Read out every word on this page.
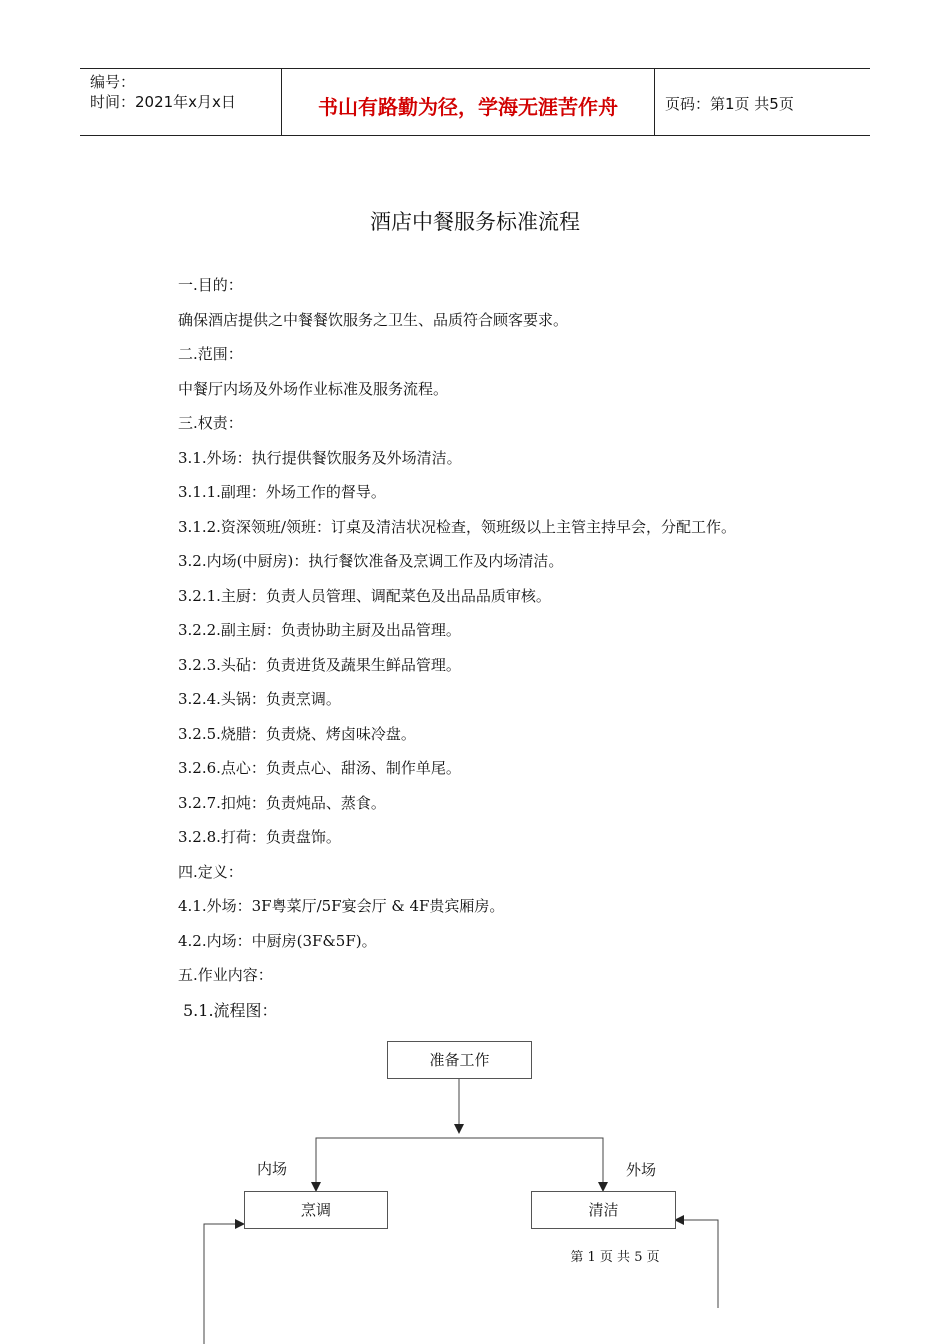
编号：
时间：2021年x月x日	书山有路勤为径，学海无涯苦作舟	页码：第1页 共5页
酒店中餐服务标准流程
一.目的：
确保酒店提供之中餐餐饮服务之卫生、品质符合顾客要求。
二.范围：
中餐厅内场及外场作业标准及服务流程。
三.权责：
3.1.外场：执行提供餐饮服务及外场清洁。
3.1.1.副理：外场工作的督导。
3.1.2.资深领班/领班：订桌及清洁状况检查，领班级以上主管主持早会，分配工作。
3.2.内场(中厨房)：执行餐饮准备及烹调工作及内场清洁。
3.2.1.主厨：负责人员管理、调配菜色及出品品质审核。
3.2.2.副主厨：负责协助主厨及出品管理。
3.2.3.头砧：负责进货及蔬果生鲜品管理。
3.2.4.头锅：负责烹调。
3.2.5.烧腊：负责烧、烤卤味冷盘。
3.2.6.点心：负责点心、甜汤、制作单尾。
3.2.7.扣炖：负责炖品、蒸食。
3.2.8.打荷：负责盘饰。
四.定义：
4.1.外场：3F粤菜厅/5F宴会厅 & 4F贵宾厢房。
4.2.内场：中厨房(3F&5F)。
五.作业内容：
5.1.流程图：
准备工作
内场	外场
烹调	清洁
第 1 页 共 5 页
